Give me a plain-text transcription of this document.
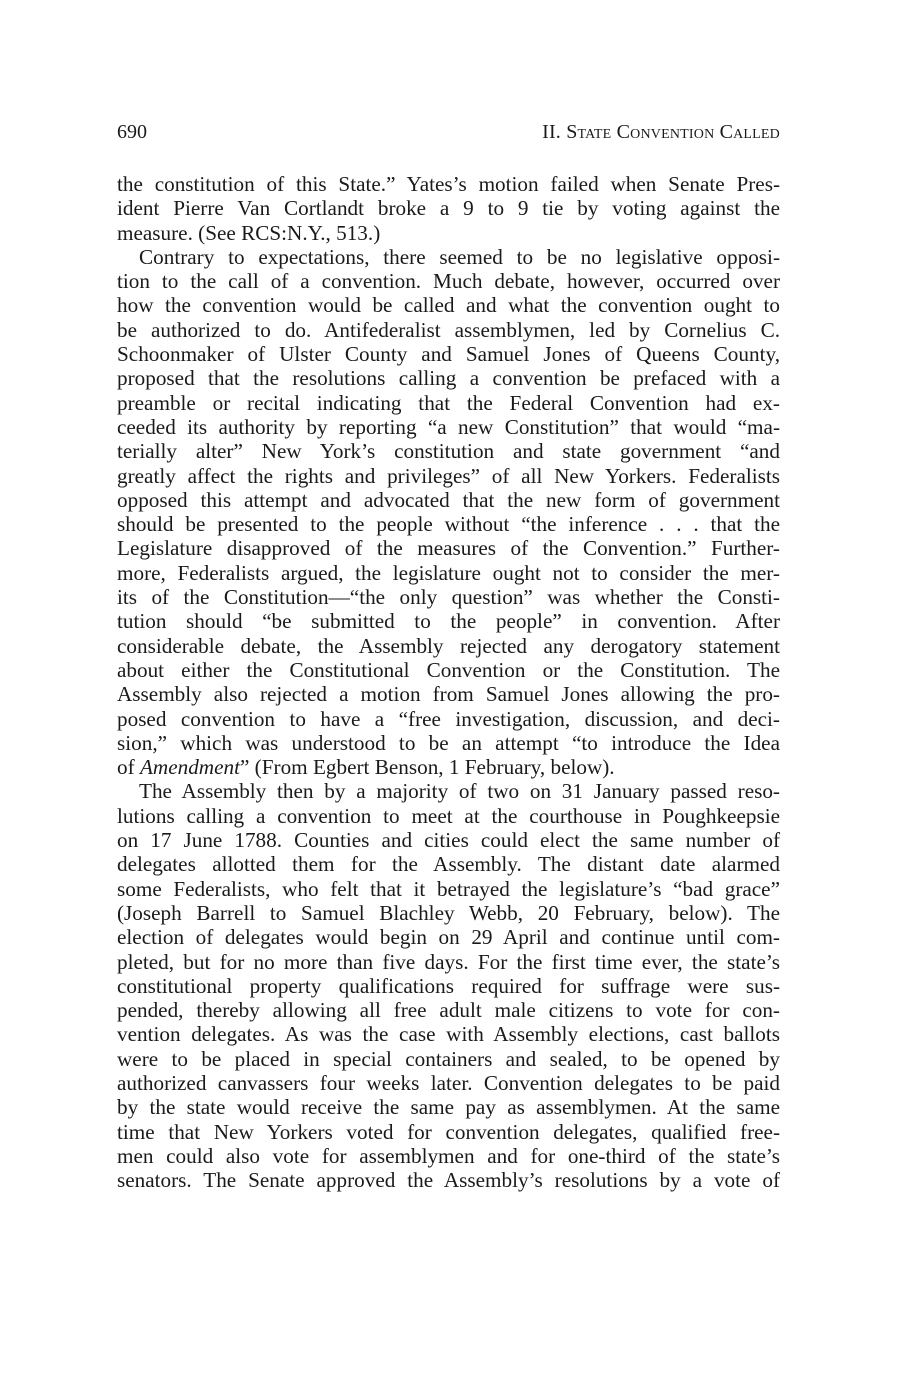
690	II. State Convention Called

the constitution of this State.” Yates’s motion failed when Senate Pres-
ident Pierre Van Cortlandt broke a 9 to 9 tie by voting against the
measure. (See RCS:N.Y., 513.)

Contrary to expectations, there seemed to be no legislative opposi-
tion to the call of a convention. Much debate, however, occurred over
how the convention would be called and what the convention ought to
be authorized to do. Antifederalist assemblymen, led by Cornelius C.
Schoonmaker of Ulster County and Samuel Jones of Queens County,
proposed that the resolutions calling a convention be prefaced with a
preamble or recital indicating that the Federal Convention had ex-
ceeded its authority by reporting “a new Constitution” that would “ma-
terially alter” New York’s constitution and state government “and
greatly affect the rights and privileges” of all New Yorkers. Federalists
opposed this attempt and advocated that the new form of government
should be presented to the people without “the inference . . . that the
Legislature disapproved of the measures of the Convention.” Further-
more, Federalists argued, the legislature ought not to consider the mer-
its of the Constitution—“the only question” was whether the Consti-
tution should “be submitted to the people” in convention. After
considerable debate, the Assembly rejected any derogatory statement
about either the Constitutional Convention or the Constitution. The
Assembly also rejected a motion from Samuel Jones allowing the pro-
posed convention to have a “free investigation, discussion, and deci-
sion,” which was understood to be an attempt “to introduce the Idea
of Amendment” (From Egbert Benson, 1 February, below).

The Assembly then by a majority of two on 31 January passed reso-
lutions calling a convention to meet at the courthouse in Poughkeepsie
on 17 June 1788. Counties and cities could elect the same number of
delegates allotted them for the Assembly. The distant date alarmed
some Federalists, who felt that it betrayed the legislature’s “bad grace”
(Joseph Barrell to Samuel Blachley Webb, 20 February, below). The
election of delegates would begin on 29 April and continue until com-
pleted, but for no more than five days. For the first time ever, the state’s
constitutional property qualifications required for suffrage were sus-
pended, thereby allowing all free adult male citizens to vote for con-
vention delegates. As was the case with Assembly elections, cast ballots
were to be placed in special containers and sealed, to be opened by
authorized canvassers four weeks later. Convention delegates to be paid
by the state would receive the same pay as assemblymen. At the same
time that New Yorkers voted for convention delegates, qualified free-
men could also vote for assemblymen and for one-third of the state’s
senators. The Senate approved the Assembly’s resolutions by a vote of
